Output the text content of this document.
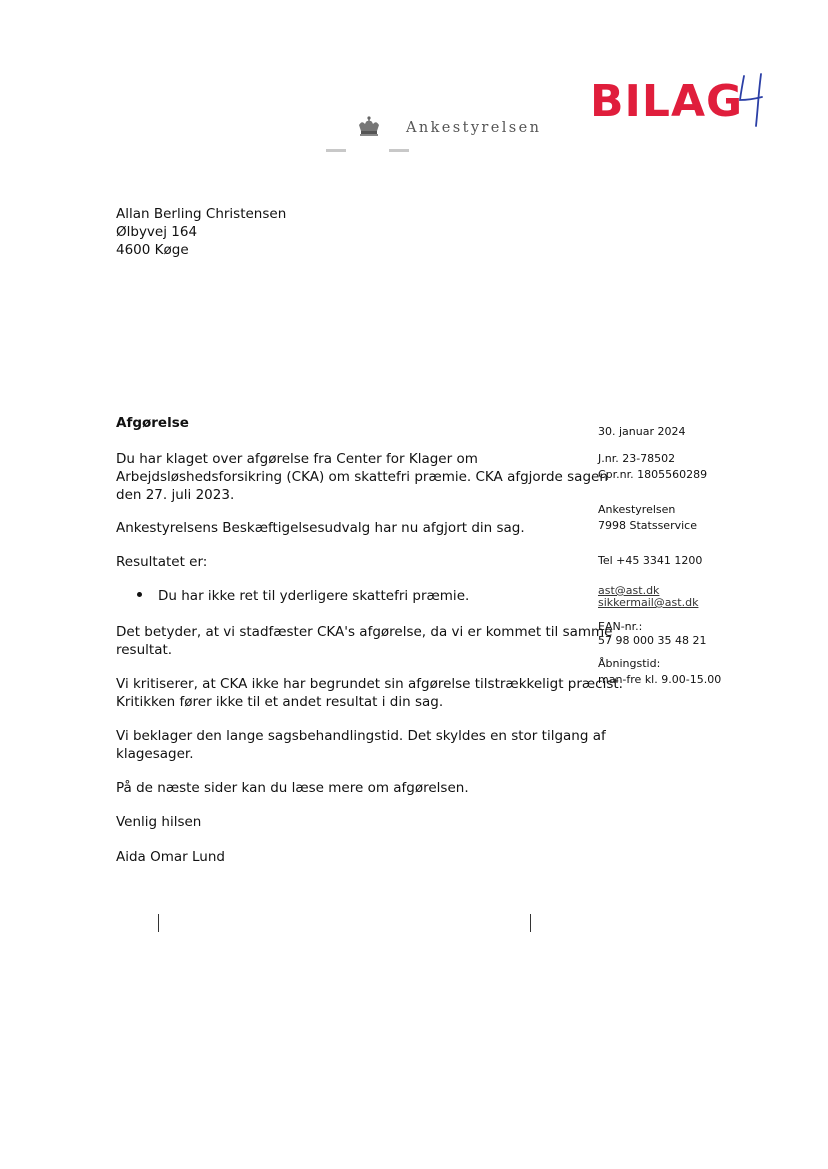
Ankestyrelsen
BILAG
Allan Berling Christensen
Ølbyvej 164
4600 Køge
Afgørelse
Du har klaget over afgørelse fra Center for Klager om
Arbejdsløshedsforsikring (CKA) om skattefri præmie. CKA afgjorde sagen
den 27. juli 2023.
Ankestyrelsens Beskæftigelsesudvalg har nu afgjort din sag.
Resultatet er:
Du har ikke ret til yderligere skattefri præmie.
Det betyder, at vi stadfæster CKA's afgørelse, da vi er kommet til samme
resultat.
Vi kritiserer, at CKA ikke har begrundet sin afgørelse tilstrækkeligt præcist.
Kritikken fører ikke til et andet resultat i din sag.
Vi beklager den lange sagsbehandlingstid. Det skyldes en stor tilgang af
klagesager.
På de næste sider kan du læse mere om afgørelsen.
Venlig hilsen
Aida Omar Lund
30. januar 2024
J.nr. 23-78502
Cpr.nr. 1805560289
Ankestyrelsen
7998 Statsservice
Tel +45 3341 1200
ast@ast.dk
sikkermail@ast.dk
EAN-nr.:
57 98 000 35 48 21
Åbningstid:
man-fre kl. 9.00-15.00
